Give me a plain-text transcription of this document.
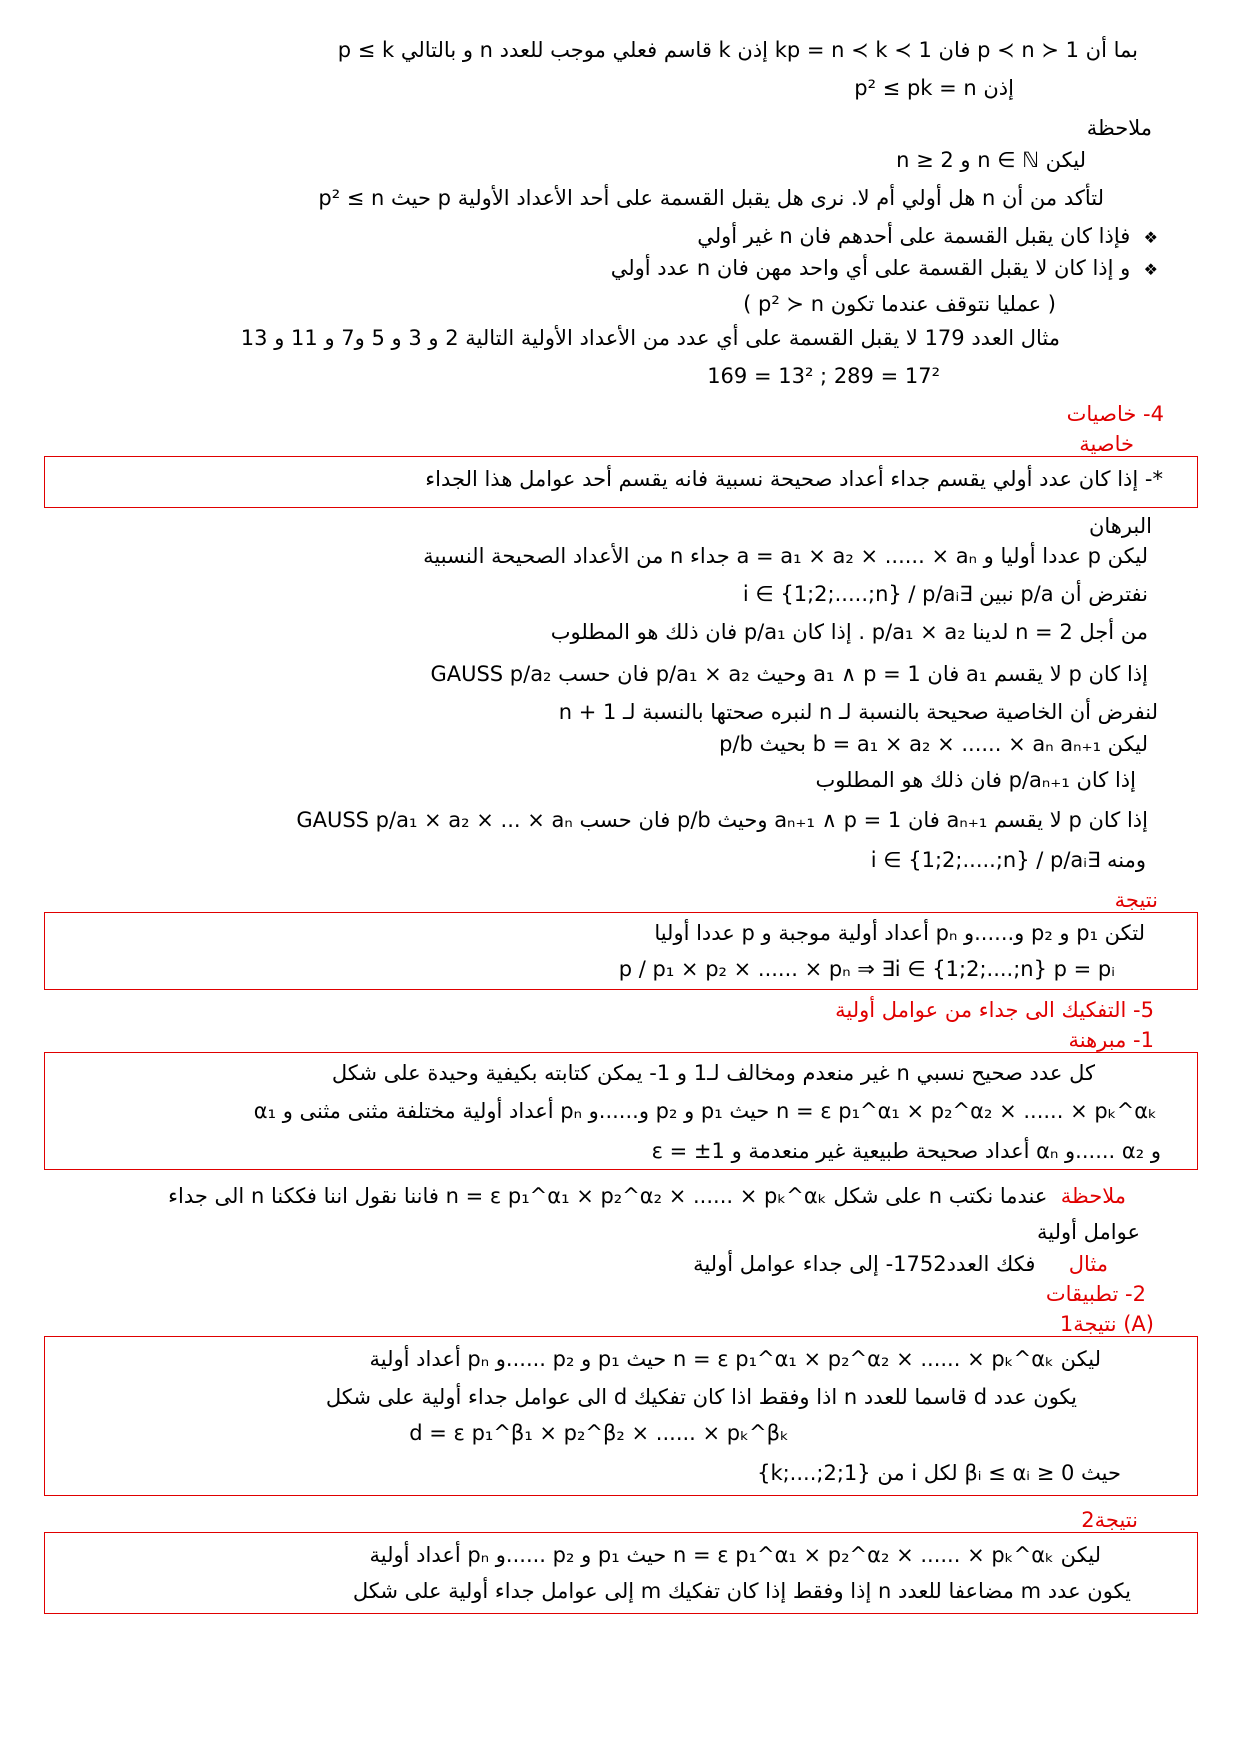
بما أن 1 ≺ p ≺ n فان kp = n ≺ k ≺ 1 إذن k قاسم فعلي موجب للعدد n و بالتالي p ≤ k
إذن p² ≤ pk = n
ملاحظة
ليكن n ∈ ℕ و n ≥ 2
لتأكد من أن n هل أولي أم لا. نرى هل يقبل القسمة على أحد الأعداد الأولية p حيث p² ≤ n
❖  فإذا كان يقبل القسمة على أحدهم فان n غير أولي
❖  و إذا كان لا يقبل القسمة على أي واحد مهن فان n عدد أولي
( عمليا نتوقف عندما تكون p² ≻ n )
مثال العدد 179 لا يقبل القسمة على أي عدد من الأعداد الأولية التالية 2 و 3 و 5 و7 و 11 و 13
17² = 289 ; 13² = 169
4- خاصيات
خاصية
*- إذا كان عدد أولي يقسم جداء أعداد صحيحة نسبية فانه يقسم أحد عوامل هذا الجداء
البرهان
ليكن p عددا أوليا و a = a₁ × a₂ × ...... × aₙ جداء n من الأعداد الصحيحة النسبية
نفترض أن p/a نبين ∃i ∈ {1;2;.....;n} / p/aᵢ
من أجل n = 2 لدينا p/a₁ × a₂ . إذا كان p/a₁ فان ذلك هو المطلوب
إذا كان p لا يقسم a₁ فان a₁ ∧ p = 1 وحيث p/a₁ × a₂ فان حسب GAUSS p/a₂
لنفرض أن الخاصية صحيحة بالنسبة لـ n لنبره صحتها بالنسبة لـ n + 1
ليكن b = a₁ × a₂ × ...... × aₙ aₙ₊₁ بحيث p/b
إذا كان p/aₙ₊₁ فان ذلك هو المطلوب
إذا كان p لا يقسم aₙ₊₁ فان aₙ₊₁ ∧ p = 1 وحيث p/b فان حسب GAUSS p/a₁ × a₂ × ... × aₙ
ومنه ∃i ∈ {1;2;.....;n} / p/aᵢ
نتيجة
لتكن p₁ و p₂ و......و pₙ أعداد أولية موجبة و p عددا أوليا
p / p₁ × p₂ × ...... × pₙ ⇒ ∃i ∈ {1;2;....;n} p = pᵢ
5- التفكيك الى جداء من عوامل أولية
1- مبرهنة
كل عدد صحيح نسبي n غير منعدم ومخالف لـ1 و 1- يمكن كتابته بكيفية وحيدة على شكل
n = ε p₁^α₁ × p₂^α₂ × ...... × pₖ^αₖ حيث p₁ و p₂ و......و pₙ أعداد أولية مختلفة مثنى مثنى و α₁
و α₂ ......و αₙ أعداد صحيحة طبيعية غير منعدمة و ε = ±1
ملاحظة  عندما نكتب n على شكل n = ε p₁^α₁ × p₂^α₂ × ...... × pₖ^αₖ فاننا نقول اننا فككنا n الى جداء
عوامل أولية
مثال     فكك العدد1752- إلى جداء عوامل أولية
2- تطبيقات
(A) نتيجة1
ليكن n = ε p₁^α₁ × p₂^α₂ × ...... × pₖ^αₖ حيث p₁ و p₂ ......و pₙ أعداد أولية
يكون عدد d قاسما للعدد n اذا وفقط اذا كان تفكيك d الى عوامل جداء أولية على شكل
d = ε p₁^β₁ × p₂^β₂ × ...... × pₖ^βₖ
حيث 0 ≤ βᵢ ≤ αᵢ لكل i من {1;2;....;k}
نتيجة2
ليكن n = ε p₁^α₁ × p₂^α₂ × ...... × pₖ^αₖ حيث p₁ و p₂ ......و pₙ أعداد أولية
يكون عدد m مضاعفا للعدد n إذا وفقط إذا كان تفكيك m إلى عوامل جداء أولية على شكل
